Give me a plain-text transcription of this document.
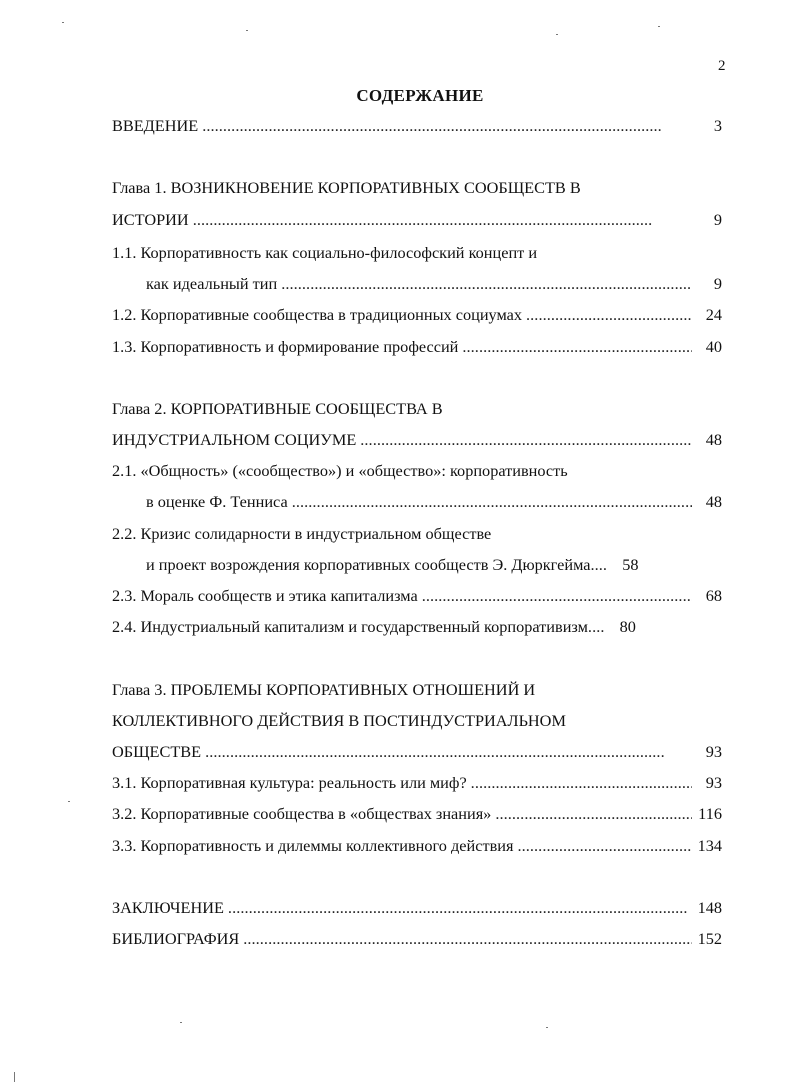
2
СОДЕРЖАНИЕ
ВВЕДЕНИЕ . . .	3
Глава 1. ВОЗНИКНОВЕНИЕ КОРПОРАТИВНЫХ СООБЩЕСТВ В
ИСТОРИИ . . .	9
1.1. Корпоративность как социально-философский концепт и
как идеальный тип . . .	9
1.2. Корпоративные сообщества в традиционных социумах . . .	24
1.3. Корпоративность и формирование профессий . . .	40
Глава 2. КОРПОРАТИВНЫЕ СООБЩЕСТВА В
ИНДУСТРИАЛЬНОМ СОЦИУМЕ . . .	48
2.1. «Общность» («сообщество») и «общество»: корпоративность
в оценке Ф. Тенниса . . .	48
2.2. Кризис солидарности в индустриальном обществе
и проект возрождения корпоративных сообществ Э. Дюркгейма . . .	58
2.3. Мораль сообществ и этика капитализма . . .	68
2.4. Индустриальный капитализм и государственный корпоративизм . . .	80
Глава 3. ПРОБЛЕМЫ КОРПОРАТИВНЫХ ОТНОШЕНИЙ И
КОЛЛЕКТИВНОГО ДЕЙСТВИЯ В ПОСТИНДУСТРИАЛЬНОМ
ОБЩЕСТВЕ . . .	93
3.1. Корпоративная культура: реальность или миф? . . .	93
3.2. Корпоративные сообщества в «обществах знания» . . .	116
3.3. Корпоративность и дилеммы коллективного действия . . .	134
ЗАКЛЮЧЕНИЕ . . .	148
БИБЛИОГРАФИЯ . . .	152
